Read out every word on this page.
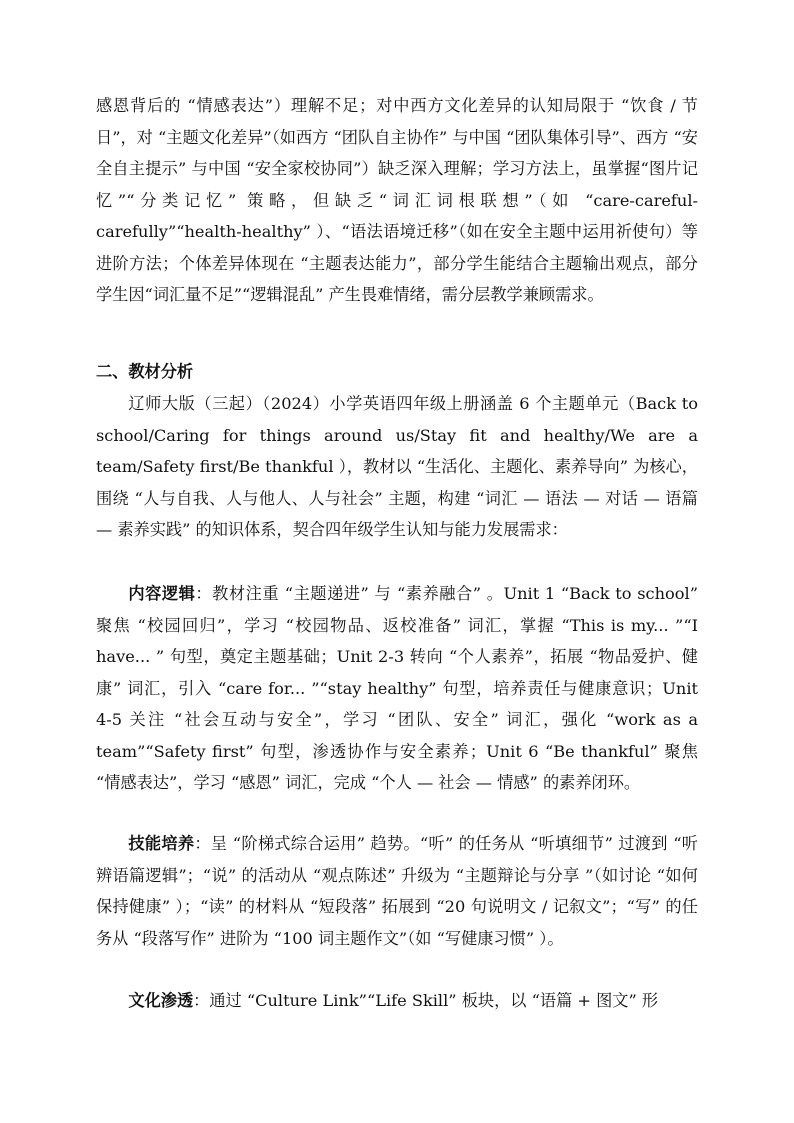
感恩背后的 “情感表达”）理解不足；对中西方文化差异的认知局限于 “饮食 / 节日”，对 “主题文化差异”（如西方 “团队自主协作” 与中国 “团队集体引导”、西方 “安全自主提示” 与中国 “安全家校协同”）缺乏深入理解；学习方法上，虽掌握“图片记忆”“分类记忆” 策略，但缺乏“词汇词根联想”（如 “care-careful-carefully”“health-healthy” ）、“语法语境迁移”（如在安全主题中运用祈使句）等进阶方法；个体差异体现在 “主题表达能力”，部分学生能结合主题输出观点，部分学生因“词汇量不足”“逻辑混乱” 产生畏难情绪，需分层教学兼顾需求。

二、教材分析

辽师大版（三起）（2024）小学英语四年级上册涵盖 6 个主题单元（Back to school/Caring for things around us/Stay fit and healthy/We are a team/Safety first/Be thankful ），教材以 “生活化、主题化、素养导向” 为核心，围绕 “人与自我、人与他人、人与社会” 主题，构建 “词汇 — 语法 — 对话 — 语篇 — 素养实践” 的知识体系，契合四年级学生认知与能力发展需求：

内容逻辑：教材注重 “主题递进” 与 “素养融合” 。Unit 1 “Back to school” 聚焦 “校园回归”，学习 “校园物品、返校准备” 词汇，掌握 “This is my... ”“I have... ” 句型，奠定主题基础；Unit 2-3 转向 “个人素养”，拓展 “物品爱护、健康” 词汇，引入 “care for... ”“stay healthy” 句型，培养责任与健康意识；Unit 4-5 关注 “社会互动与安全”，学习 “团队、安全” 词汇，强化 “work as a team”“Safety first” 句型，渗透协作与安全素养；Unit 6 “Be thankful” 聚焦 “情感表达”，学习 “感恩” 词汇，完成 “个人 — 社会 — 情感” 的素养闭环。

技能培养：呈 “阶梯式综合运用” 趋势。“听” 的任务从 “听填细节” 过渡到 “听辨语篇逻辑”；“说” 的活动从 “观点陈述” 升级为 “主题辩论与分享 ”（如讨论 “如何保持健康” ）；“读” 的材料从 “短段落” 拓展到 “20 句说明文 / 记叙文”；“写” 的任务从 “段落写作” 进阶为 “100 词主题作文”（如 “写健康习惯” ）。

文化渗透：通过 “Culture Link”“Life Skill” 板块，以 “语篇 + 图文” 形
